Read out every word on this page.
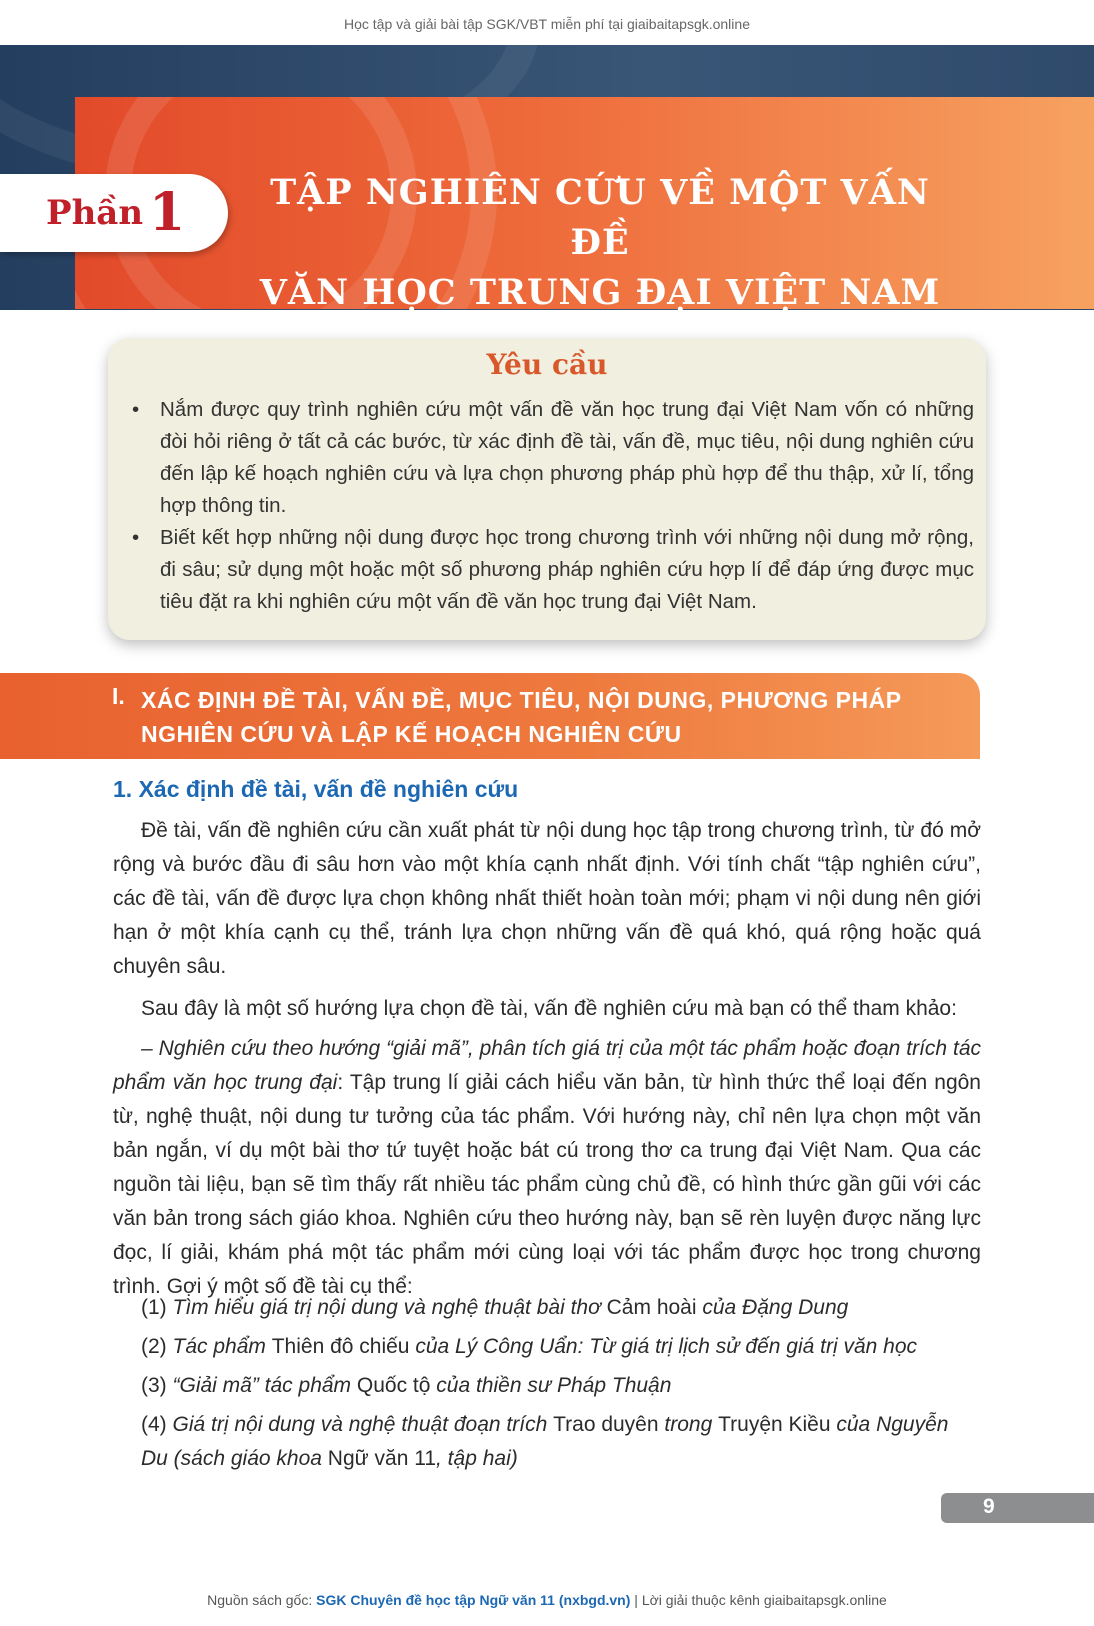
Học tập và giải bài tập SGK/VBT miễn phí tại giaibaitapsgk.online
Phần 1	TẬP NGHIÊN CỨU VỀ MỘT VẤN ĐỀ
VĂN HỌC TRUNG ĐẠI VIỆT NAM
Yêu cầu
• Nắm được quy trình nghiên cứu một vấn đề văn học trung đại Việt Nam vốn có những đòi hỏi riêng ở tất cả các bước, từ xác định đề tài, vấn đề, mục tiêu, nội dung nghiên cứu đến lập kế hoạch nghiên cứu và lựa chọn phương pháp phù hợp để thu thập, xử lí, tổng hợp thông tin.
• Biết kết hợp những nội dung được học trong chương trình với những nội dung mở rộng, đi sâu; sử dụng một hoặc một số phương pháp nghiên cứu hợp lí để đáp ứng được mục tiêu đặt ra khi nghiên cứu một vấn đề văn học trung đại Việt Nam.
I. XÁC ĐỊNH ĐỀ TÀI, VẤN ĐỀ, MỤC TIÊU, NỘI DUNG, PHƯƠNG PHÁP NGHIÊN CỨU VÀ LẬP KẾ HOẠCH NGHIÊN CỨU
1. Xác định đề tài, vấn đề nghiên cứu

Đề tài, vấn đề nghiên cứu cần xuất phát từ nội dung học tập trong chương trình, từ đó mở rộng và bước đầu đi sâu hơn vào một khía cạnh nhất định. Với tính chất “tập nghiên cứu”, các đề tài, vấn đề được lựa chọn không nhất thiết hoàn toàn mới; phạm vi nội dung nên giới hạn ở một khía cạnh cụ thể, tránh lựa chọn những vấn đề quá khó, quá rộng hoặc quá chuyên sâu.

Sau đây là một số hướng lựa chọn đề tài, vấn đề nghiên cứu mà bạn có thể tham khảo:

– Nghiên cứu theo hướng “giải mã”, phân tích giá trị của một tác phẩm hoặc đoạn trích tác phẩm văn học trung đại: Tập trung lí giải cách hiểu văn bản, từ hình thức thể loại đến ngôn từ, nghệ thuật, nội dung tư tưởng của tác phẩm. Với hướng này, chỉ nên lựa chọn một văn bản ngắn, ví dụ một bài thơ tứ tuyệt hoặc bát cú trong thơ ca trung đại Việt Nam. Qua các nguồn tài liệu, bạn sẽ tìm thấy rất nhiều tác phẩm cùng chủ đề, có hình thức gần gũi với các văn bản trong sách giáo khoa. Nghiên cứu theo hướng này, bạn sẽ rèn luyện được năng lực đọc, lí giải, khám phá một tác phẩm mới cùng loại với tác phẩm được học trong chương trình. Gợi ý một số đề tài cụ thể:

(1) Tìm hiểu giá trị nội dung và nghệ thuật bài thơ Cảm hoài của Đặng Dung

(2) Tác phẩm Thiên đô chiếu của Lý Công Uẩn: Từ giá trị lịch sử đến giá trị văn học

(3) “Giải mã” tác phẩm Quốc tộ của thiền sư Pháp Thuận

(4) Giá trị nội dung và nghệ thuật đoạn trích Trao duyên trong Truyện Kiều của Nguyễn Du (sách giáo khoa Ngữ văn 11, tập hai)

9
Nguồn sách gốc: SGK Chuyên đề học tập Ngữ văn 11 (nxbgd.vn) | Lời giải thuộc kênh giaibaitapsgk.online
